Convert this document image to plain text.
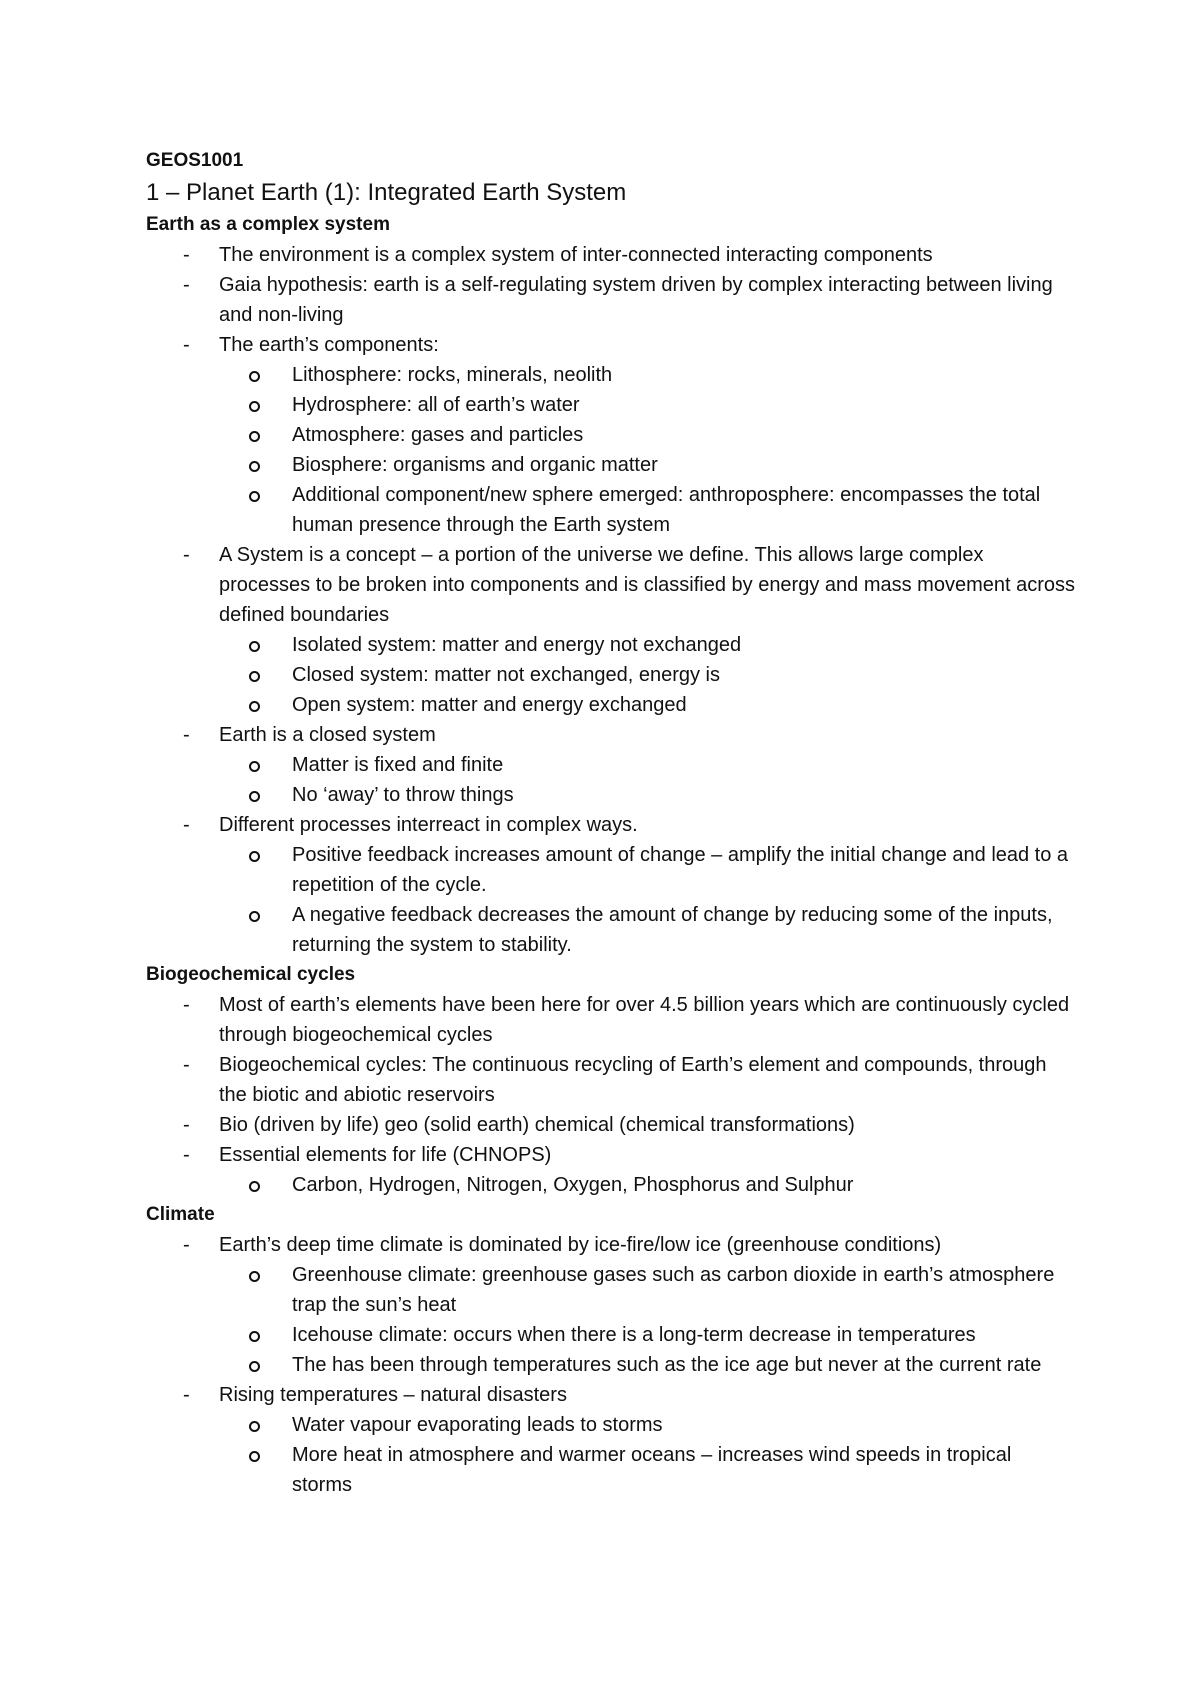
GEOS1001

1 – Planet Earth (1): Integrated Earth System

Earth as a complex system

- The environment is a complex system of inter-connected interacting components
- Gaia hypothesis: earth is a self-regulating system driven by complex interacting between living and non-living
- The earth’s components:
Lithosphere: rocks, minerals, neolith
Hydrosphere: all of earth’s water
Atmosphere: gases and particles
Biosphere: organisms and organic matter
Additional component/new sphere emerged: anthroposphere: encompasses the total human presence through the Earth system
- A System is a concept – a portion of the universe we define. This allows large complex processes to be broken into components and is classified by energy and mass movement across defined boundaries
Isolated system: matter and energy not exchanged
Closed system: matter not exchanged, energy is
Open system: matter and energy exchanged
- Earth is a closed system
Matter is fixed and finite
No ‘away’ to throw things
- Different processes interreact in complex ways.
Positive feedback increases amount of change – amplify the initial change and lead to a repetition of the cycle.
A negative feedback decreases the amount of change by reducing some of the inputs, returning the system to stability.

Biogeochemical cycles

- Most of earth’s elements have been here for over 4.5 billion years which are continuously cycled through biogeochemical cycles
- Biogeochemical cycles: The continuous recycling of Earth’s element and compounds, through the biotic and abiotic reservoirs
- Bio (driven by life) geo (solid earth) chemical (chemical transformations)
- Essential elements for life (CHNOPS)
Carbon, Hydrogen, Nitrogen, Oxygen, Phosphorus and Sulphur

Climate

- Earth’s deep time climate is dominated by ice-fire/low ice (greenhouse conditions)
Greenhouse climate: greenhouse gases such as carbon dioxide in earth’s atmosphere trap the sun’s heat
Icehouse climate: occurs when there is a long-term decrease in temperatures
The has been through temperatures such as the ice age but never at the current rate
- Rising temperatures – natural disasters
Water vapour evaporating leads to storms
More heat in atmosphere and warmer oceans – increases wind speeds in tropical storms
